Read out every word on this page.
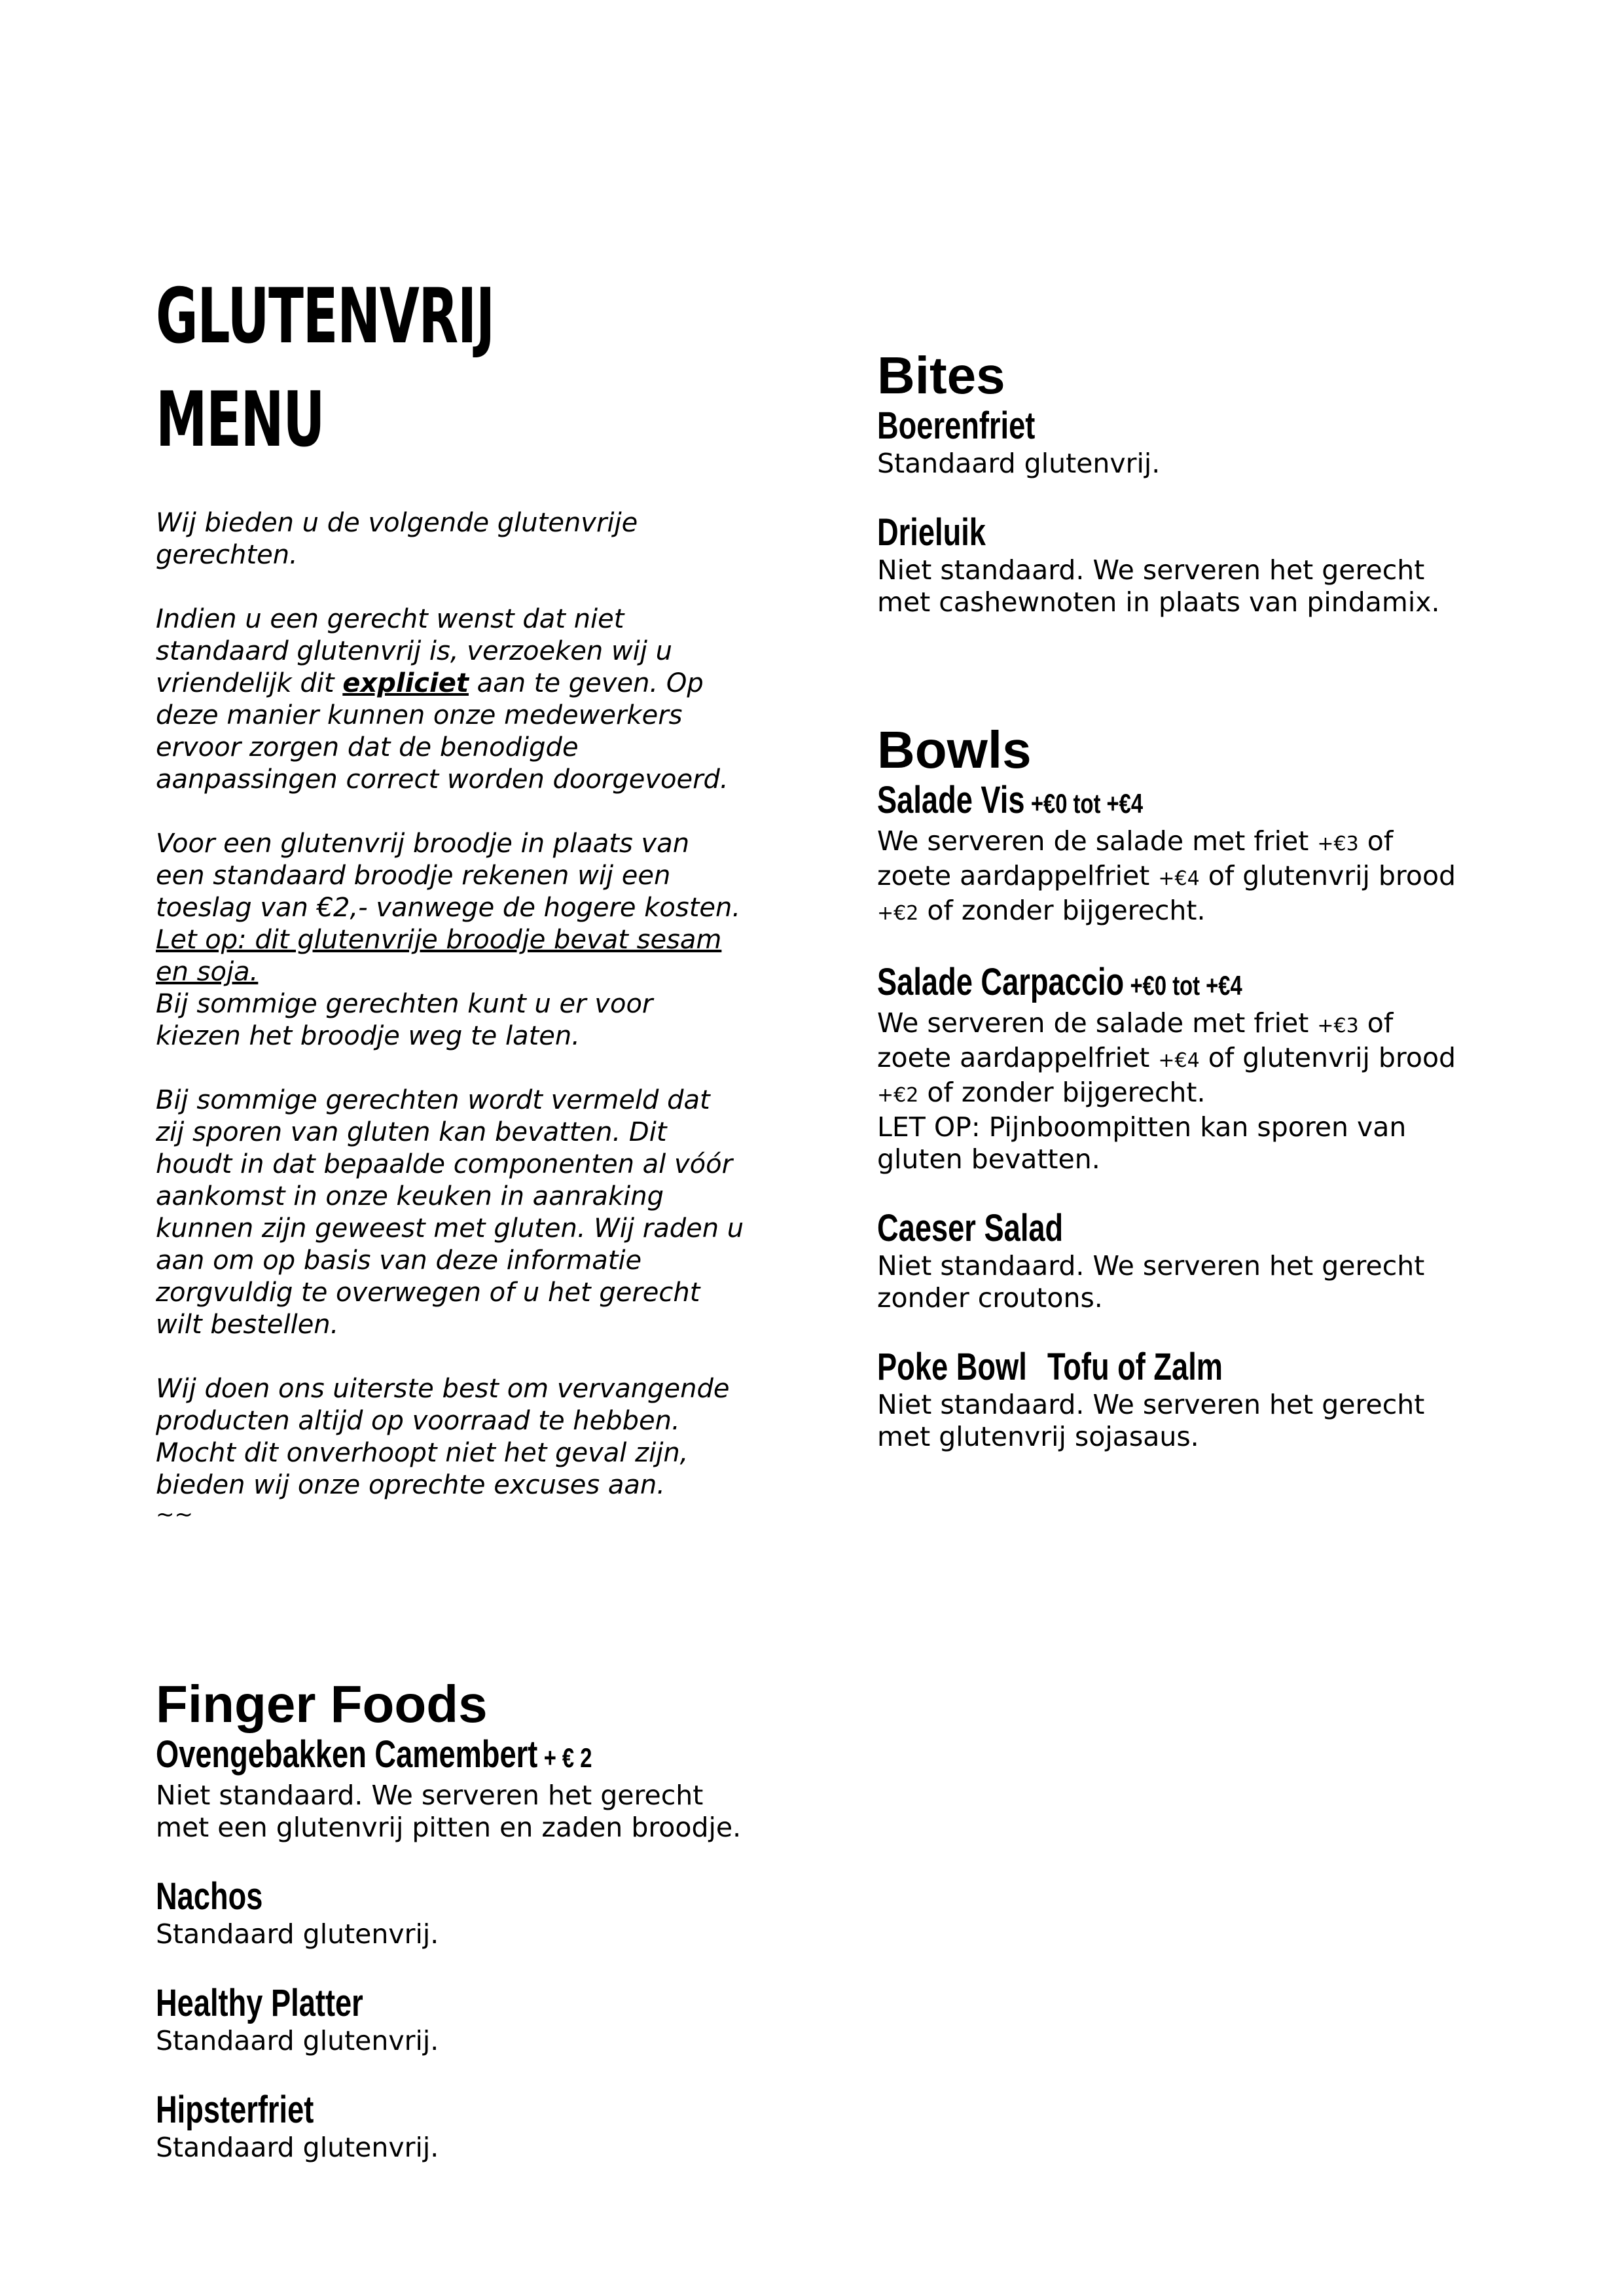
GLUTENVRIJ
MENU

Wij bieden u de volgende glutenvrije gerechten.

Indien u een gerecht wenst dat niet standaard glutenvrij is, verzoeken wij u vriendelijk dit expliciet aan te geven. Op deze manier kunnen onze medewerkers ervoor zorgen dat de benodigde aanpassingen correct worden doorgevoerd.

Voor een glutenvrij broodje in plaats van een standaard broodje rekenen wij een toeslag van €2,- vanwege de hogere kosten. Let op: dit glutenvrije broodje bevat sesam en soja.

Bij sommige gerechten kunt u er voor kiezen het broodje weg te laten.

Bij sommige gerechten wordt vermeld dat zij sporen van gluten kan bevatten. Dit houdt in dat bepaalde componenten al vóór aankomst in onze keuken in aanraking kunnen zijn geweest met gluten. Wij raden u aan om op basis van deze informatie zorgvuldig te overwegen of u het gerecht wilt bestellen.

Wij doen ons uiterste best om vervangende producten altijd op voorraad te hebben. Mocht dit onverhoopt niet het geval zijn, bieden wij onze oprechte excuses aan.

~~

Finger Foods
Ovengebakken Camembert + € 2

Niet standaard. We serveren het gerecht met een glutenvrij pitten en zaden broodje.

Nachos

Standaard glutenvrij.

Healthy Platter

Standaard glutenvrij.

Hipsterfriet

Standaard glutenvrij.

Bites
Boerenfriet

Standaard glutenvrij.

Drieluik

Niet standaard. We serveren het gerecht met cashewnoten in plaats van pindamix.

Bowls
Salade Vis +€0 tot +€4

We serveren de salade met friet +€3 of zoete aardappelfriet +€4 of glutenvrij brood +€2 of zonder bijgerecht.

Salade Carpaccio +€0 tot +€4

We serveren de salade met friet +€3 of zoete aardappelfriet +€4 of glutenvrij brood +€2 of zonder bijgerecht.

LET OP: Pijnboompitten kan sporen van gluten bevatten.

Caeser Salad

Niet standaard. We serveren het gerecht zonder croutons.

Poke Bowl Tofu of Zalm

Niet standaard. We serveren het gerecht met glutenvrij sojasaus.
